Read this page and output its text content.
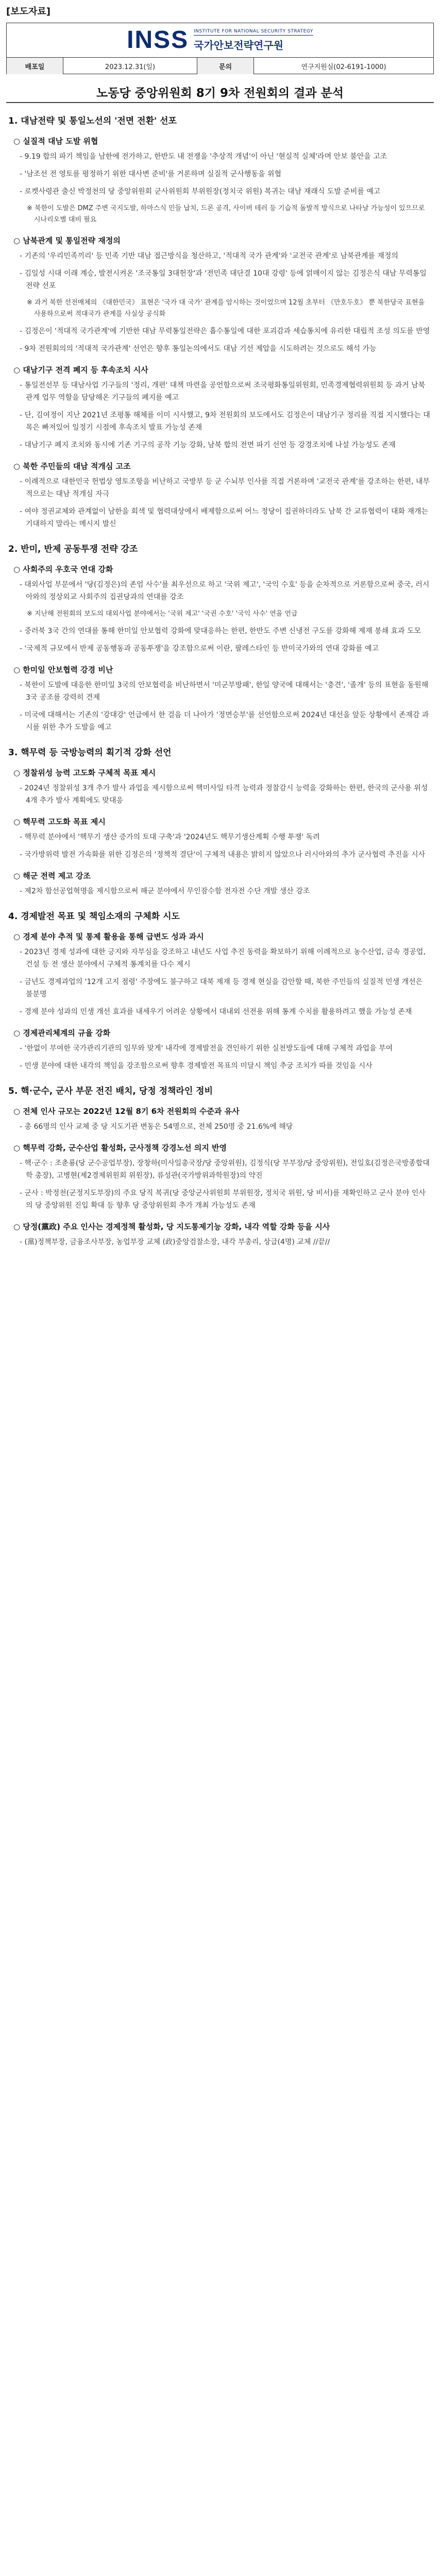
[보도자료]
INSS INSTITUTE FOR NATIONAL SECURITY STRATEGY
국가안보전략연구원
배포일	2023.12.31(일)	문의	연구지원실(02-6191-1000)
노동당 중앙위원회 8기 9차 전원회의 결과 분석
1. 대남전략 및 통일노선의 '전면 전환' 선포
○ 실질적 대남 도발 위협
- 9.19 합의 파기 책임을 남한에 전가하고, 한반도 내 전쟁을 '추상적 개념'이 아닌 '현실적 실체'라며 안보 불안을 고조
- '남조선 전 영토를 평정하기 위한 대사변 준비'를 거론하며 실질적 군사행동을 위협
- 로켓사령관 출신 박정천의 당 중앙위원회 군사위원회 부위원장(정치국 위원) 복귀는 대남 재래식 도발 준비를 예고
※ 북한이 도발은 DMZ 주변 국지도발, 하마스식 민들 납치, 드론 공격, 사이버 테러 등 기습적 돌발적 방식으로 나타날 가능성이 있으므로 시나리오별 대비 필요
○ 남북관계 및 통일전략 재정의
- 기존의 '우리민족끼리' 등 민족 기반 대남 접근방식을 청산하고, '적대적 국가 관계'와 '교전국 관계'로 남북관계를 재정의
- 김일성 시대 이래 계승, 발전시켜온 '조국통일 3대헌장'과 '전민족 대단결 10대 강령' 등에 얽매이지 않는 김정은식 대남 무력통일전략 선포
※ 과거 북한 선전매체의 《대한민국》 표현은 '국가 대 국가' 관계를 암시하는 것이었으며 12월 초부터 《만호두호》 뿐 북한당국 표현을 사용하으로써 적대국가 관계를 사실상 공식화
- 김정은이 '적대적 국가관계'에 기반한 대남 무력통일전략은 흡수통일에 대한 포괴감과 세습통치에 유리한 대립적 조성 의도를 반영
- 9차 전원회의의 '적대적 국가관계' 선언은 향후 통일논의에서도 대남 기선 제압을 시도하려는 것으로도 해석 가능
○ 대남기구 전격 폐지 등 후속조치 시사
- 통일전선부 등 대남사업 기구들의 '정리, 개편' 대책 마련을 공언함으로써 조국평화통일위원회, 민족경제협력위원회 등 과거 남북관계 업무 역할을 담당해온 기구들의 폐지를 예고
- 단, 김여정이 지난 2021년 조평통 해체를 이미 시사했고, 9차 전원회의 보도에서도 김정은이 대남기구 정리를 직접 지시했다는 대목은 빠져있어 일정기 시점에 후속조치 발표 가능성 존재
- 대남기구 폐지 조치와 동시에 기존 기구의 공작 기능 강화, 남북 합의 전면 파기 선언 등 강경조치에 나설 가능성도 존재
○ 북한 주민들의 대남 적개심 고조
- 이례적으로 대한민국 헌법상 영토조항을 비난하고 국방부 등 군 수뇌부 인사를 직접 거론하며 '교전국 관계'를 강조하는 한편, 내부적으로는 대남 적개심 자극
- 여야 정권교체와 관계없이 남한을 회색 및 협력대상에서 배제함으로써 어느 정당이 집권하더라도 남북 간 교류협력이 대화 재개는 기대하지 말라는 메시지 발신
2. 반미, 반제 공동투쟁 전략 강조
○ 사회주의 우호국 연대 강화
- 대외사업 부문에서 '당(김정은)의 존엄 사수'를 최우선으로 하고 '국위 제고', '국익 수호' 등을 순차적으로 거론함으로써 중국, 러시아와의 정상외교 사회주의 집권당과의 연대를 강조
※ 지난해 전원회의 보도의 대외사업 분야에서는 '국위 제고' '국권 수호' '국익 사수' 연을 언급
- 중러북 3국 간의 연대를 통해 한미일 안보협력 강화에 맞대응하는 한편, 한반도 주변 신냉전 구도를 강화해 제재 봉쇄 효과 도모
- '국제적 규모에서 반제 공동행동과 공동투쟁'을 강조함으로써 이란, 팔레스타인 등 반미국가와의 연대 강화를 예고
○ 한미일 안보협력 강경 비난
- 북한이 도발에 대응한 한미일 3국의 안보협력을 비난하면서 '미군부방패', 한일 양국에 대해서는 '충견', '졸개' 등의 표현을 동원해 3국 공조를 강력히 견제
- 미국에 대해서는 기존의 '강대강' 언급에서 한 걸음 더 나아가 '정면승부'를 선언함으로써 2024년 대선을 앞둔 상황에서 존재감 과시를 위한 추가 도발을 예고
3. 핵무력 등 국방능력의 획기적 강화 선언
○ 정찰위성 능력 고도화 구체적 목표 제시
- 2024년 정찰위성 3개 추가 발사 과업을 제시함으로써 핵미사일 타격 능력과 정찰감시 능력을 강화하는 한편, 한국의 군사용 위성 4개 추가 발사 계획에도 맞대응
○ 핵무력 고도화 목표 제시
- 핵무력 분야에서 '핵무기 생산 증가의 토대 구축'과 '2024년도 핵무기생산계획 수행 투쟁' 독려
- 국가방위력 발전 가속화를 위한 김정은의 '정책적 결단'이 구체적 내용은 밝히지 않았으나 러시아와의 추가 군사협력 추진을 시사
○ 해군 전력 제고 강조
- 제2차 함선공업혁명을 제시함으로써 해군 분야에서 무인잠수함 전자전 수단 개발 생산 강조
4. 경제발전 목표 및 책임소재의 구체화 시도
○ 경제 분야 추적 및 통제 활용을 통해 급변도 성과 과시
- 2023년 경제 성과에 대한 긍지와 자부심을 강조하고 내년도 사업 추진 동력을 확보하기 위해 이례적으로 농수산업, 금속 경공업, 건설 등 전 생산 분야에서 구체적 통계치를 다수 제시
- 금년도 경제과업의 '12개 고지 점령' 주장에도 불구하고 대북 제재 등 경제 현실을 감안할 때, 북한 주민들의 실질적 민생 개선은 불분명
- 경제 분야 성과의 민생 개선 효과를 내세우기 어려운 상황에서 대내외 선전용 위해 통계 수치를 활용하려고 했을 가능성 존재
○ 경제관리체계의 규율 강화
- '한없이 부여한 국가관리기관의 임무와 맞게' 내각에 경제발전을 견인하기 위한 실천방도들에 대해 구체적 과업을 부여
- 민생 분야에 대한 내각의 책임을 강조함으로써 향후 경제발전 목표의 미달시 책임 추궁 조치가 따를 것임을 시사
5. 핵·군수, 군사 부문 전진 배치, 당정 정책라인 정비
○ 전체 인사 규모는 2022년 12월 8기 6차 전원회의 수준과 유사
- 총 66명의 인사 교체 중 당 지도기관 변동은 54명으로, 전체 250명 중 21.6%에 해당
○ 핵무력 강화, 군수산업 활성화, 군사정책 강경노선 의지 반영
- 핵·군수 : 조춘룡(당 군수공업부장), 장창하(미사일총국장/당 중앙위원), 김정식(당 부부장/당 중앙위원), 전일호(김정은국방종합대학 총장), 고병현(제2경제위원회 위원장), 류성관(국가방위과학원장)의 약진
- 군사 : 박정천(군정지도부장)의 주요 당직 복귀(당 중앙군사위원회 부위원장, 정치국 위원, 당 비서)를 재확인하고 군사 분야 인사의 당 중앙위원 진입 확대 등 향후 당 중앙위원회 추가 개최 가능성도 존재
○ 당정(黨政) 주요 인사는 경제정책 활성화, 당 지도통제기능 강화, 내각 역할 강화 등을 시사
- (黨)정책부장, 금융조사부장, 농업부장 교체 (政)중앙검찰소장, 내각 부총리, 상급(4명) 교체 //끝//
